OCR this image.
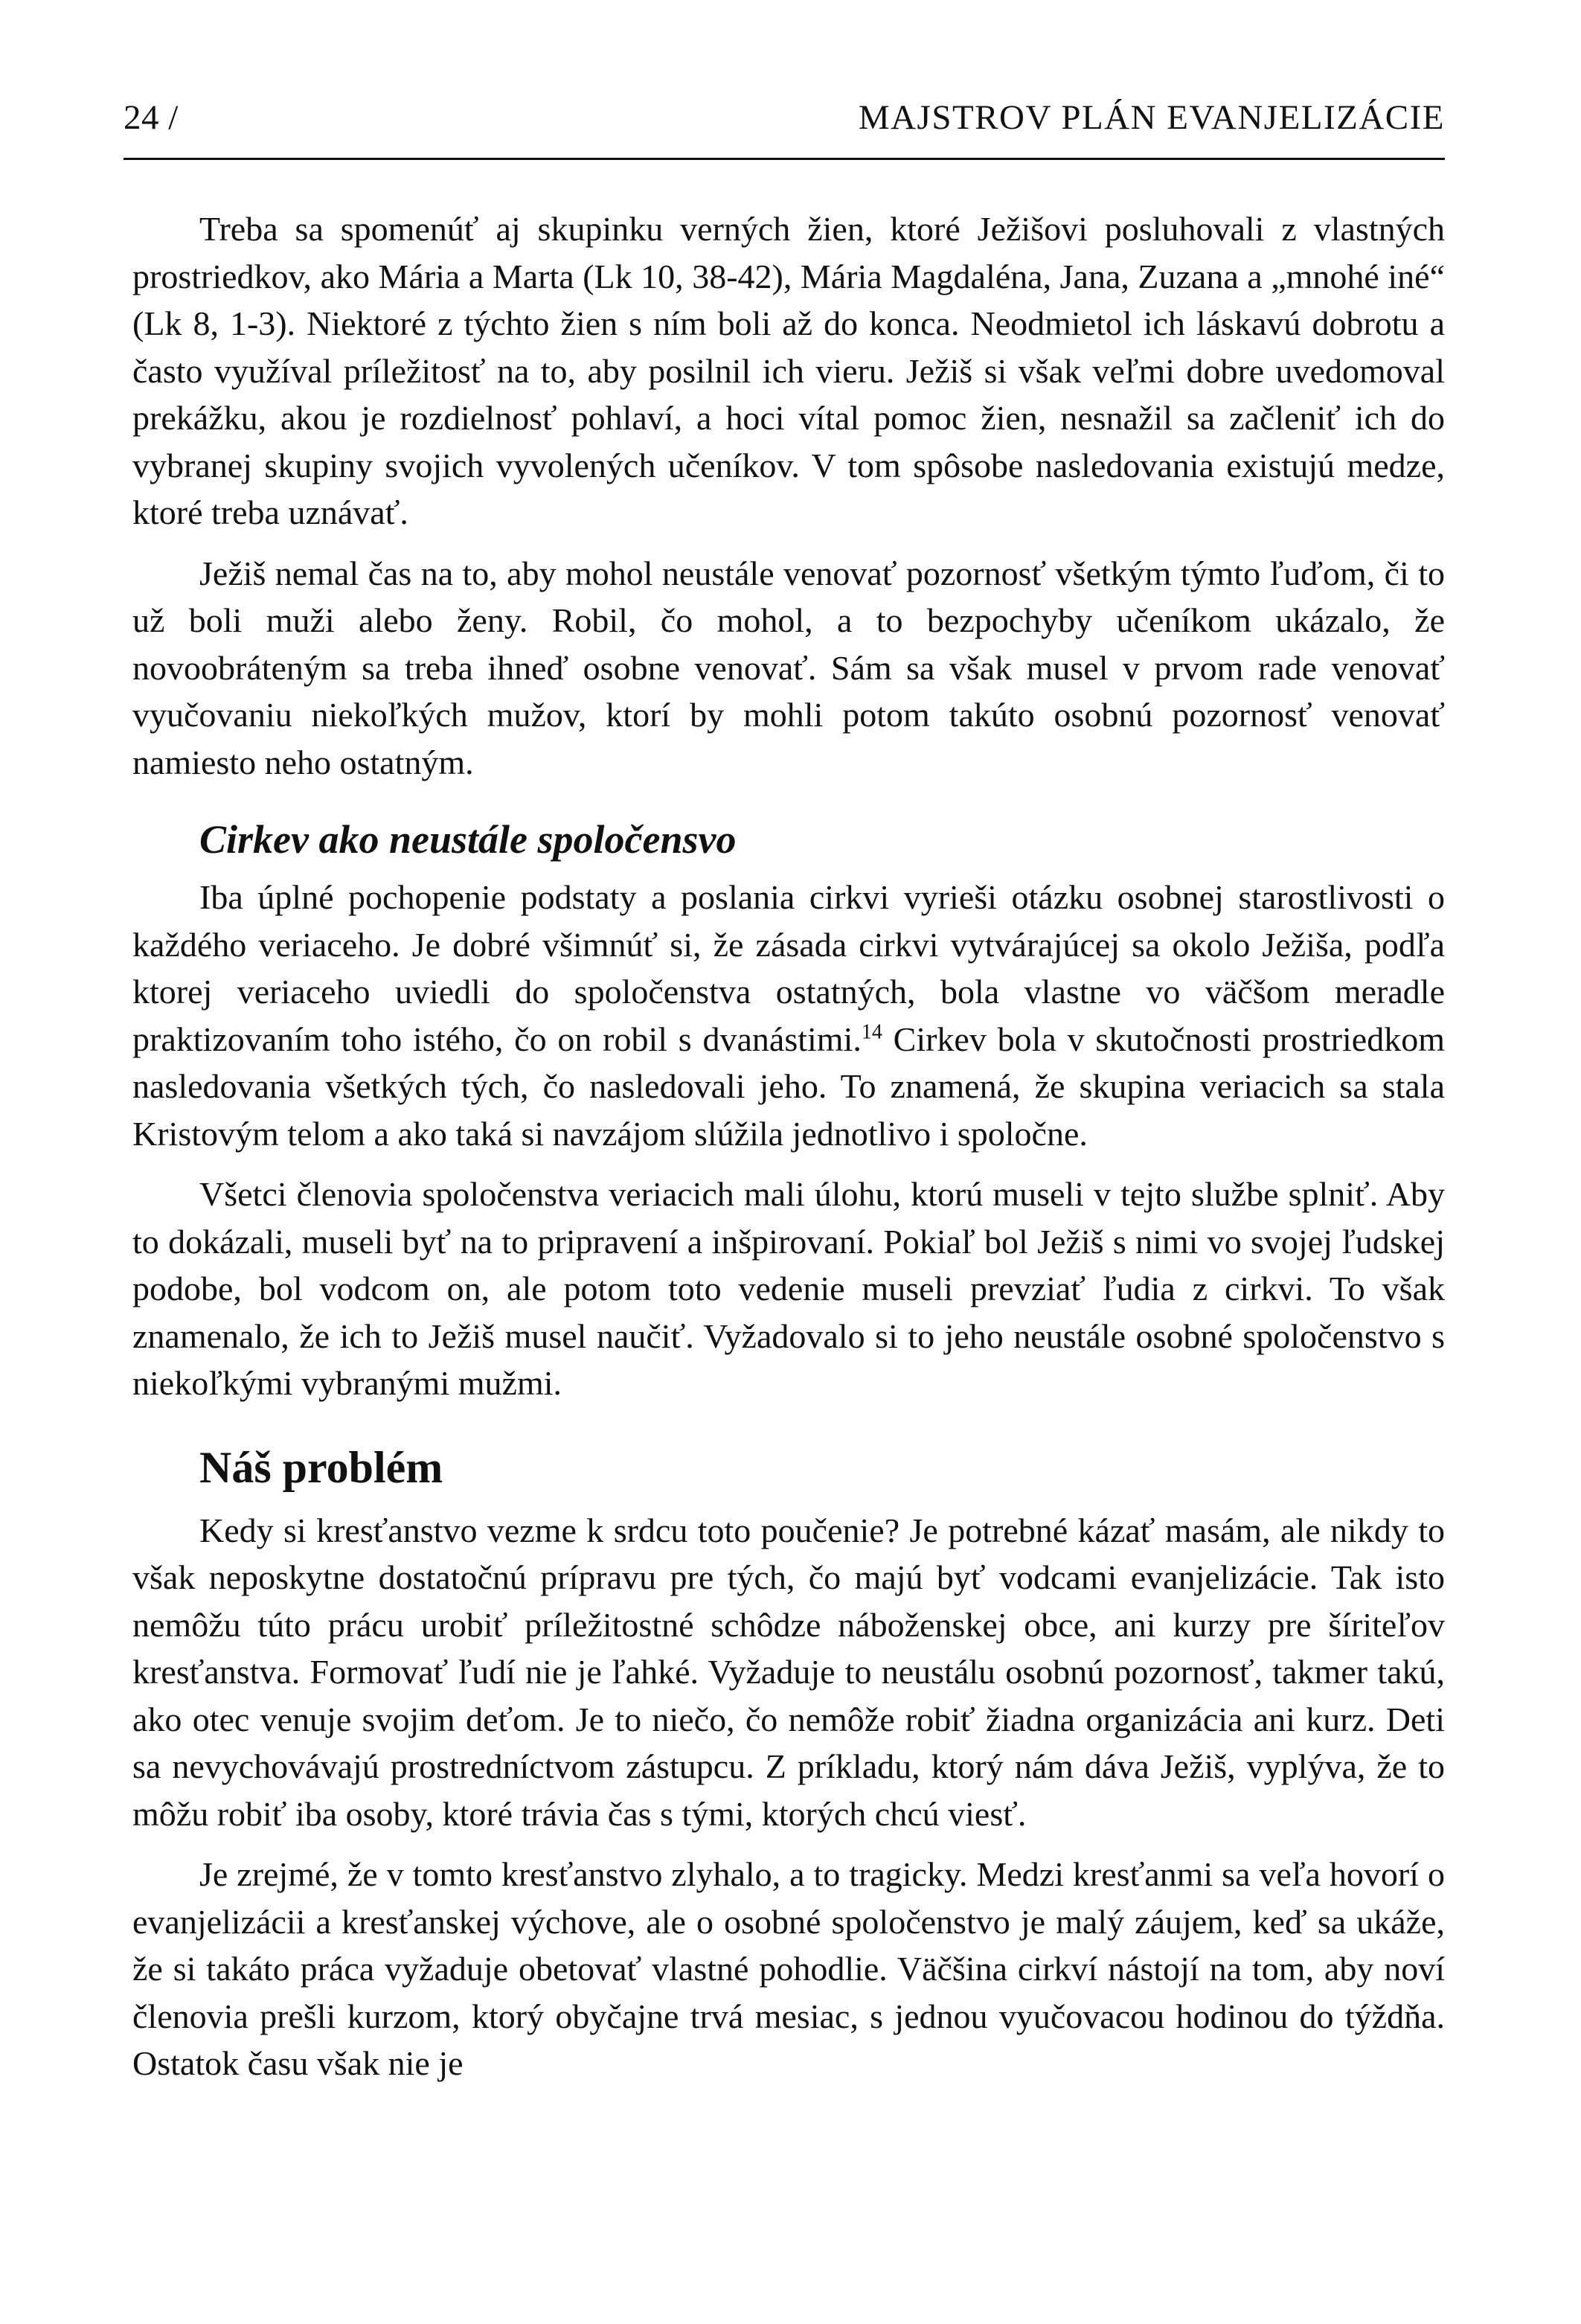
24 /	MAJSTROV PLÁN EVANJELIZÁCIE

Treba sa spomenúť aj skupinku verných žien, ktoré Ježišovi posluhovali z vlastných prostriedkov, ako Mária a Marta (Lk 10, 38-42), Mária Magdaléna, Jana, Zuzana a „mnohé iné“ (Lk 8, 1-3). Niektoré z týchto žien s ním boli až do konca. Neodmietol ich láskavú dobrotu a často využíval príležitosť na to, aby posilnil ich vieru. Ježiš si však veľmi dobre uvedomoval prekážku, akou je rozdielnosť pohlaví, a hoci vítal pomoc žien, nesnažil sa začleniť ich do vybranej skupiny svojich vyvolených učeníkov. V tom spôsobe nasledovania existujú medze, ktoré treba uznávať.

Ježiš nemal čas na to, aby mohol neustále venovať pozornosť všetkým týmto ľuďom, či to už boli muži alebo ženy. Robil, čo mohol, a to bezpochyby učeníkom ukázalo, že novoobráteným sa treba ihneď osobne venovať. Sám sa však musel v prvom rade venovať vyučovaniu niekoľkých mužov, ktorí by mohli potom takúto osobnú pozornosť venovať namiesto neho ostatným.

Cirkev ako neustále spoločensvo

Iba úplné pochopenie podstaty a poslania cirkvi vyrieši otázku osobnej starostlivosti o každého veriaceho. Je dobré všimnúť si, že zásada cirkvi vytvárajúcej sa okolo Ježiša, podľa ktorej veriaceho uviedli do spoločenstva ostatných, bola vlastne vo väčšom meradle praktizovaním toho istého, čo on robil s dvanástimi.$^{14}$ Cirkev bola v skutočnosti prostriedkom nasledovania všetkých tých, čo nasledovali jeho. To znamená, že skupina veriacich sa stala Kristovým telom a ako taká si navzájom slúžila jednotlivo i spoločne.

Všetci členovia spoločenstva veriacich mali úlohu, ktorú museli v tejto službe splniť. Aby to dokázali, museli byť na to pripravení a inšpirovaní. Pokiaľ bol Ježiš s nimi vo svojej ľudskej podobe, bol vodcom on, ale potom toto vedenie museli prevziať ľudia z cirkvi. To však znamenalo, že ich to Ježiš musel naučiť. Vyžadovalo si to jeho neustále osobné spoločenstvo s niekoľkými vybranými mužmi.

Náš problém

Kedy si kresťanstvo vezme k srdcu toto poučenie? Je potrebné kázať masám, ale nikdy to však neposkytne dostatočnú prípravu pre tých, čo majú byť vodcami evanjelizácie. Tak isto nemôžu túto prácu urobiť príležitostné schôdze náboženskej obce, ani kurzy pre šíriteľov kresťanstva. Formovať ľudí nie je ľahké. Vyžaduje to neustálu osobnú pozornosť, takmer takú, ako otec venuje svojim deťom. Je to niečo, čo nemôže robiť žiadna organizácia ani kurz. Deti sa nevychovávajú prostredníctvom zástupcu. Z príkladu, ktorý nám dáva Ježiš, vyplýva, že to môžu robiť iba osoby, ktoré trávia čas s tými, ktorých chcú viesť.

Je zrejmé, že v tomto kresťanstvo zlyhalo, a to tragicky. Medzi kresťanmi sa veľa hovorí o evanjelizácii a kresťanskej výchove, ale o osobné spoločenstvo je malý záujem, keď sa ukáže, že si takáto práca vyžaduje obetovať vlastné pohodlie. Väčšina cirkví nástojí na tom, aby noví členovia prešli kurzom, ktorý obyčajne trvá mesiac, s jednou vyučovacou hodinou do týždňa. Ostatok času však nie je
